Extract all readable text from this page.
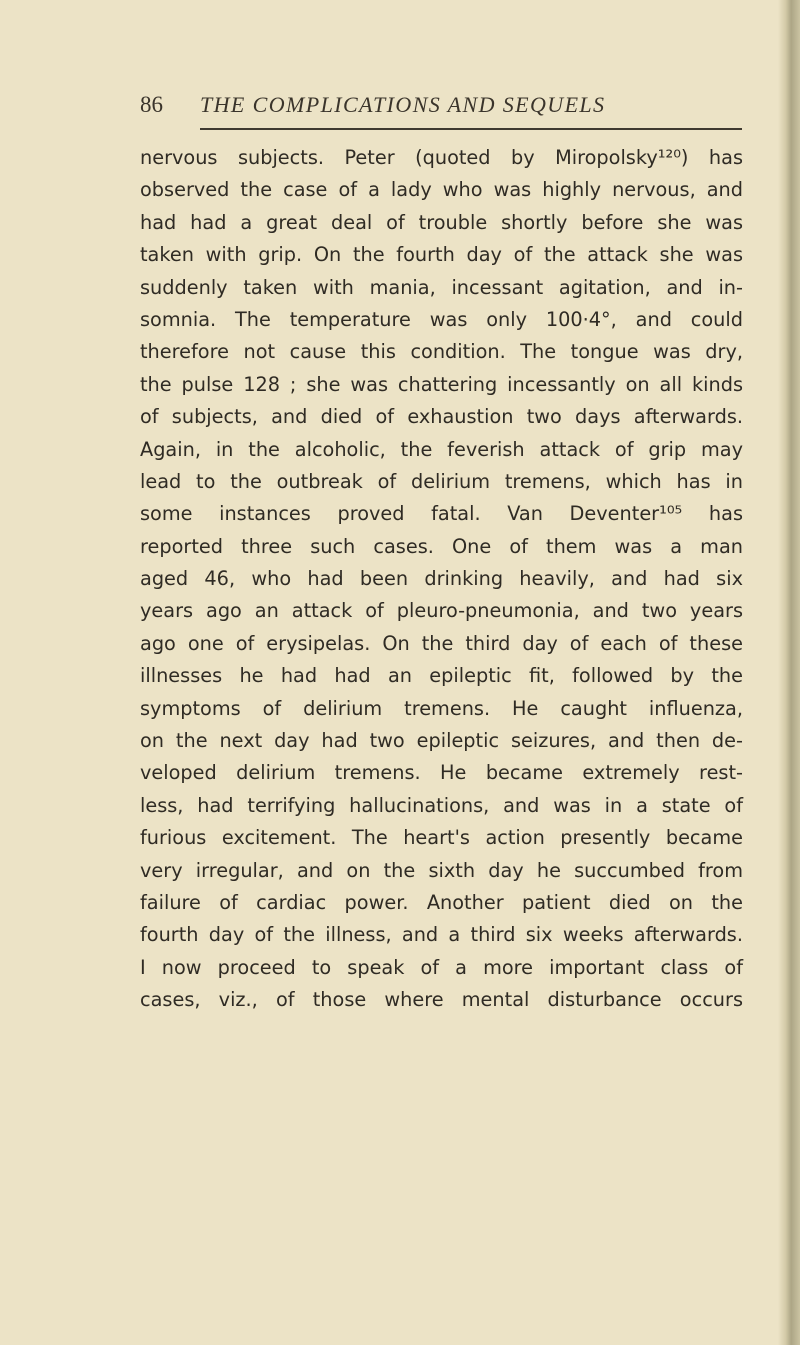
86 THE COMPLICATIONS AND SEQUELS
nervous subjects. Peter (quoted by Miropolsky¹²⁰) has
observed the case of a lady who was highly nervous, and
had had a great deal of trouble shortly before she was
taken with grip. On the fourth day of the attack she was
suddenly taken with mania, incessant agitation, and in-
somnia. The temperature was only 100·4°, and could
therefore not cause this condition. The tongue was dry,
the pulse 128 ; she was chattering incessantly on all kinds
of subjects, and died of exhaustion two days afterwards.
Again, in the alcoholic, the feverish attack of grip may
lead to the outbreak of delirium tremens, which has in
some instances proved fatal. Van Deventer¹⁰⁵ has
reported three such cases. One of them was a man
aged 46, who had been drinking heavily, and had six
years ago an attack of pleuro-pneumonia, and two years
ago one of erysipelas. On the third day of each of these
illnesses he had had an epileptic fit, followed by the
symptoms of delirium tremens. He caught influenza,
on the next day had two epileptic seizures, and then de-
veloped delirium tremens. He became extremely rest-
less, had terrifying hallucinations, and was in a state of
furious excitement. The heart's action presently became
very irregular, and on the sixth day he succumbed from
failure of cardiac power. Another patient died on the
fourth day of the illness, and a third six weeks afterwards.
I now proceed to speak of a more important class of
cases, viz., of those where mental disturbance occurs
